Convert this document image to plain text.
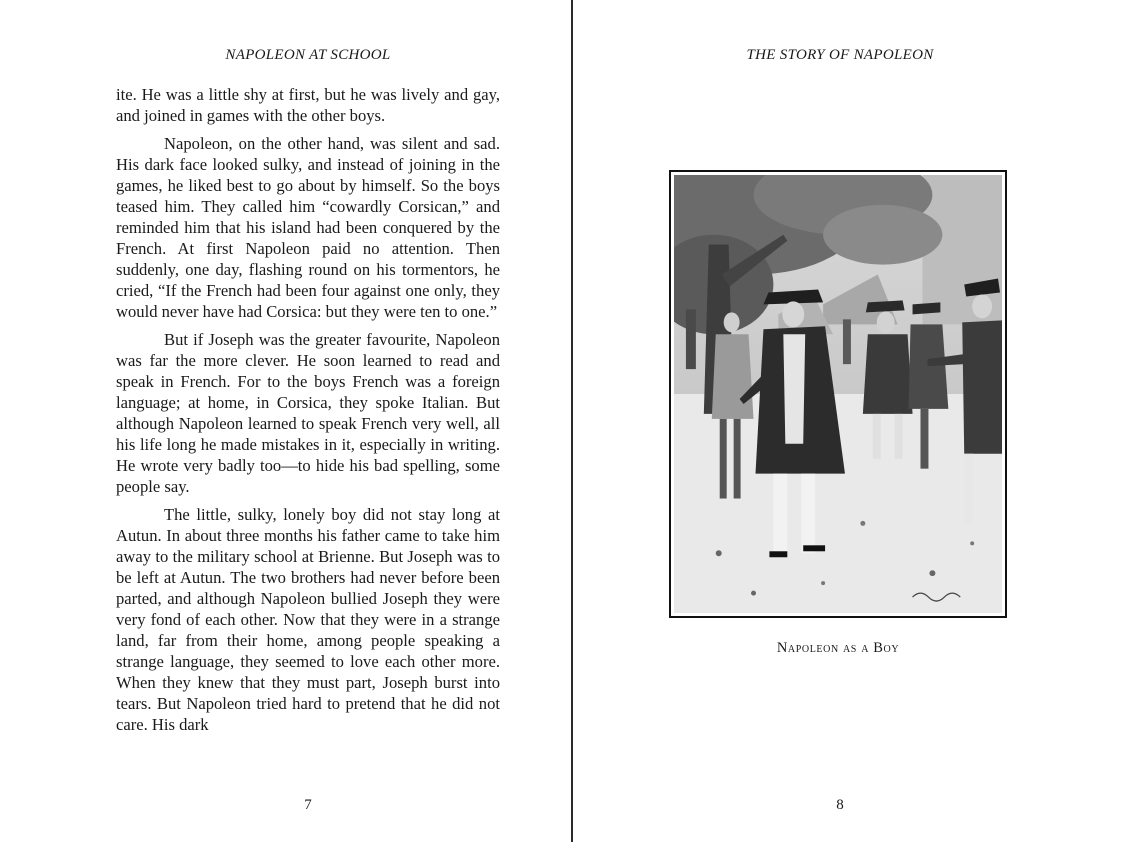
NAPOLEON AT SCHOOL

ite. He was a little shy at first, but he was lively and gay, and joined in games with the other boys.

Napoleon, on the other hand, was silent and sad. His dark face looked sulky, and instead of joining in the games, he liked best to go about by himself. So the boys teased him. They called him “cowardly Corsican,” and reminded him that his island had been conquered by the French. At first Napoleon paid no attention. Then suddenly, one day, flashing round on his tormentors, he cried, “If the French had been four against one only, they would never have had Corsica: but they were ten to one.”

But if Joseph was the greater favourite, Napoleon was far the more clever. He soon learned to read and speak in French. For to the boys French was a foreign language; at home, in Corsica, they spoke Italian. But although Napoleon learned to speak French very well, all his life long he made mistakes in it, especially in writing. He wrote very badly too—to hide his bad spelling, some people say.

The little, sulky, lonely boy did not stay long at Autun. In about three months his father came to take him away to the military school at Brienne. But Joseph was to be left at Autun. The two brothers had never before been parted, and although Napoleon bullied Joseph they were very fond of each other. Now that they were in a strange land, far from their home, among people speaking a strange language, they seemed to love each other more. When they knew that they must part, Joseph burst into tears. But Napoleon tried hard to pretend that he did not care. His dark

7
THE STORY OF NAPOLEON
Napoleon as a Boy
8
